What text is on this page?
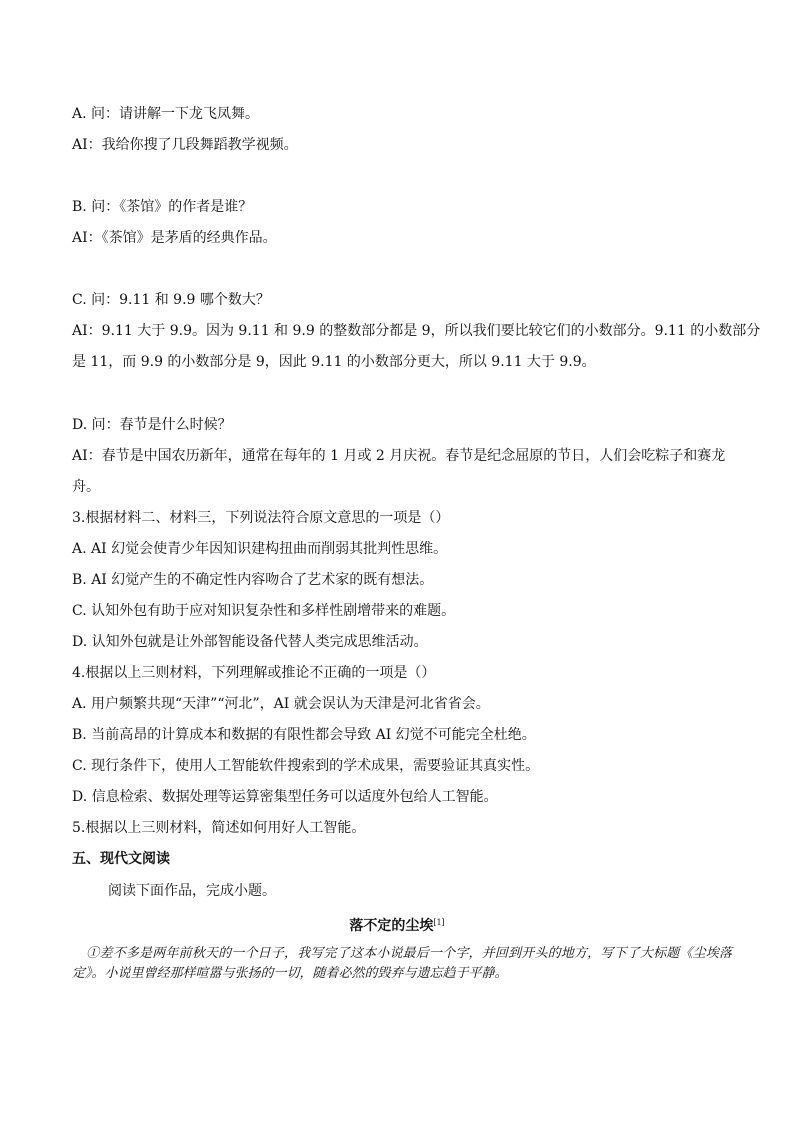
A. 问：请讲解一下龙飞凤舞。
AI：我给你搜了几段舞蹈教学视频。
B. 问：《茶馆》的作者是谁？
AI：《茶馆》是茅盾的经典作品。
C. 问：9.11 和 9.9 哪个数大？
AI：9.11 大于 9.9。因为 9.11 和 9.9 的整数部分都是 9，所以我们要比较它们的小数部分。9.11 的小数部分
是 11，而 9.9 的小数部分是 9，因此 9.11 的小数部分更大，所以 9.11 大于 9.9。
D. 问：春节是什么时候？
AI：春节是中国农历新年，通常在每年的 1 月或 2 月庆祝。春节是纪念屈原的节日，人们会吃粽子和赛龙
舟。
3.根据材料二、材料三，下列说法符合原文意思的一项是（）
A. AI 幻觉会使青少年因知识建构扭曲而削弱其批判性思维。
B. AI 幻觉产生的不确定性内容吻合了艺术家的既有想法。
C. 认知外包有助于应对知识复杂性和多样性剧增带来的难题。
D. 认知外包就是让外部智能设备代替人类完成思维活动。
4.根据以上三则材料，下列理解或推论不正确的一项是（）
A. 用户频繁共现“天津”“河北”，AI 就会误认为天津是河北省省会。
B. 当前高昂的计算成本和数据的有限性都会导致 AI 幻觉不可能完全杜绝。
C. 现行条件下，使用人工智能软件搜索到的学术成果，需要验证其真实性。
D. 信息检索、数据处理等运算密集型任务可以适度外包给人工智能。
5.根据以上三则材料，简述如何用好人工智能。
五、现代文阅读
阅读下面作品，完成小题。
落不定的尘埃[1]
①差不多是两年前秋天的一个日子，我写完了这本小说最后一个字，并回到开头的地方，写下了大标题《尘埃落定》。小说里曾经那样喧嚣与张扬的一切，随着必然的毁弃与遗忘趋于平静。
